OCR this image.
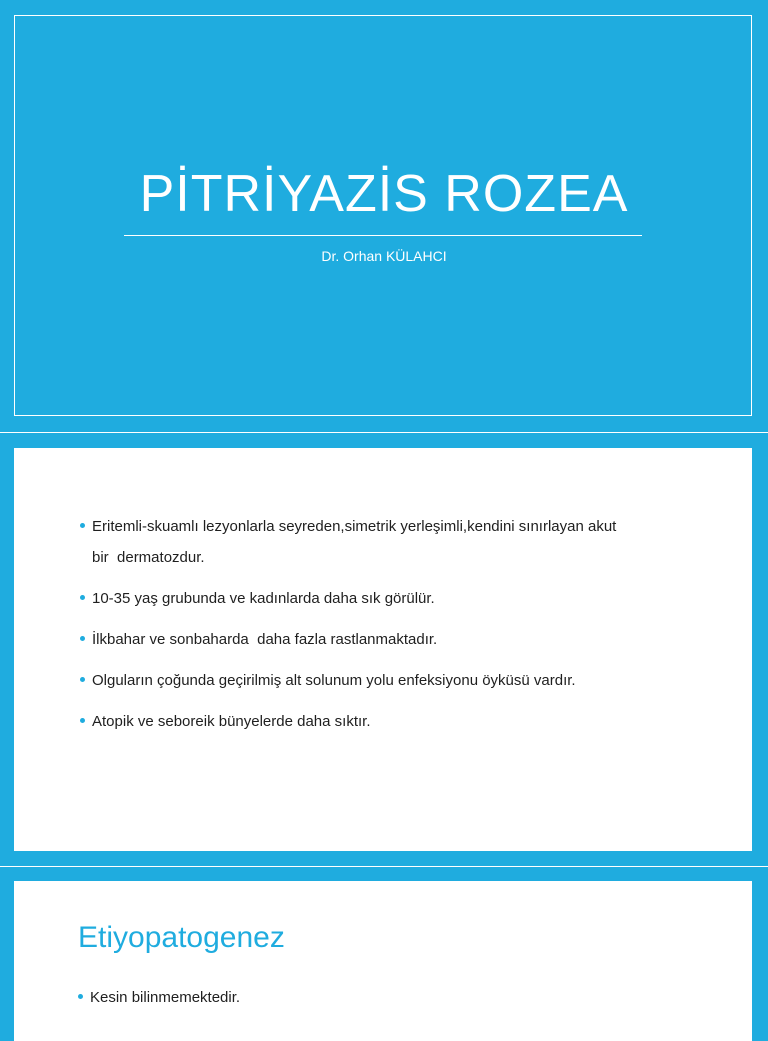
PİTRİYAZİS ROZEA
Dr. Orhan KÜLAHCI
Eritemli-skuamlı lezyonlarla seyreden,simetrik yerleşimli,kendini sınırlayan akut
bir  dermatozdur.
10-35 yaş grubunda ve kadınlarda daha sık görülür.
İlkbahar ve sonbaharda  daha fazla rastlanmaktadır.
Olguların çoğunda geçirilmiş alt solunum yolu enfeksiyonu öyküsü vardır.
Atopik ve seboreik bünyelerde daha sıktır.
Etiyopatogenez
Kesin bilinmemektedir.
